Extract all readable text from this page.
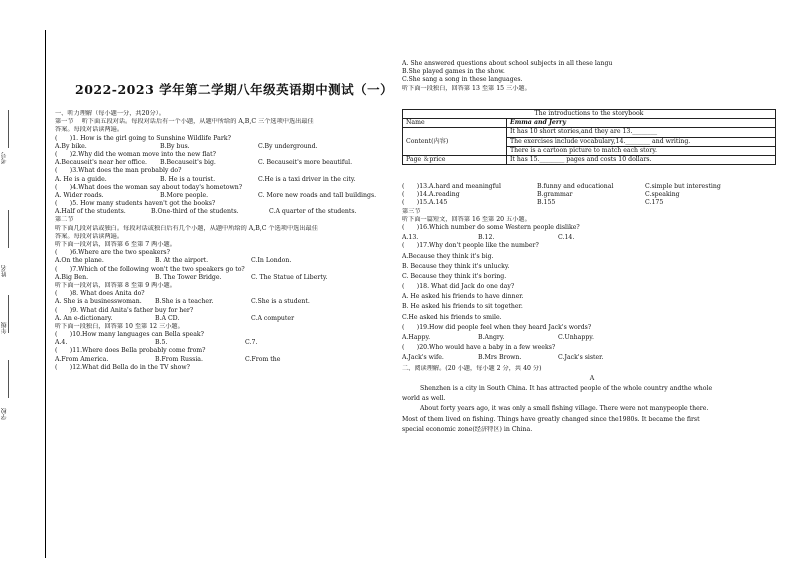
考号
姓名
年级
学校
2022-2023 学年第二学期八年级英语期中测试（一）
一、听力理解（每小题一分，共20分）。
第一节　 听下面五段对话。每段对话后有一个小题，从题中所给的 A,B,C 三个选项中选出最佳
答案。每段对话读两遍。
(　　)1. How is the girl going to Sunshine Wildlife Park?
A.By bike.	B.By bus.	C.By underground.
(　　)2.Why did the woman move into the new flat?
A.Becauseit's near her office.	B.Becauseit's big.	C. Becauseit's more beautiful.
(　　)3.What does the man probably do?
A. He is a guide.	B. He is a tourist.	C.He is a taxi driver in the city.
(　　)4.What does the woman say about today's hometown?
A. Wider roads.	B.More people.	C. More new roads and tall buildings.
(　　)5. How many students haven't got the books?
A.Half of the students.	B.One-third of the students.	C.A quarter of the students.
第二节
听下面几段对话或独白。每段对话或独白后有几个小题，从题中所给的 A,B,C 个选项中选出最佳
答案。每段对话读两遍。
听下面一段对话，回答第 6 至第 7 两小题。
(　　)6.Where are the two speakers?
A.On the plane.	B. At the airport.	C.In London.
(　　)7.Which of the following won't the two speakers go to?
A.Big Ben.	B. The Tower Bridge.	C. The Statue of Liberty.
听下面一段对话，回答第 8 至第 9 两小题。
(　　)8. What does Anita do?
A. She is a businesswoman.	B.She is a teacher.	C.She is a student.
(　　)9. What did Anita's father buy for her?
A. An e-dictionary.	B.A CD.	C.A computer
听下面一段独白，回答第 10 至第 12 三小题。
(　　)10.How many languages can Bella speak?
A.4.	B.5.	C.7.
(　　)11.Where does Bella probably come from?
A.From America.	B.From Russia.	C.From the
(　　)12.What did Bella do in the TV show?
A. She answered questions about school subjects in all these langu
B.She played games in the show.
C.She sang a song in these languages.
听下面一段独白，回答第 13 至第 15 三小题。
The introductions to the storybook	
Name	Emma and Jerry
Content(内容)	It has 10 short stories,and they are 13.________
	The exercises include vocabulary,14.________ and writing.
	There is a cartoon picture to match each story.
Page ＆price	It has 15.________ pages and costs 10 dollars.
(　　)13.A.hard and meaningful	B.funny and educational	C.simple but interesting
(　　)14.A.reading	B.grammar	C.speaking
(　　)15.A.145	B.155	C.175
第三节
听下面一篇短文，回答第 16 至第 20 五小题。
(　　)16.Which number do some Western people dislike?
A.13.	B.12.	C.14.
(　　)17.Why don't people like the number?
A.Because they think it's big.
B. Because they think it's unlucky.
C. Because they think it's boring.
(　　)18. What did Jack do one day?
A. He asked his friends to have dinner.
B. He asked his friends to sit together.
C.He asked his friends to smile.
(　　)19.How did people feel when they heard Jack's words?
A.Happy.	B.Angry.	C.Unhappy.
(　　)20.Who would have a baby in a few weeks?
A.Jack's wife.	B.Mrs Brown.	C.Jack's sister.
二、阅读理解。(20 小题，每小题 2 分，共 40 分)
A
Shenzhen is a city in South China. It has attracted people of the whole country andthe whole
world as well.
About forty years ago, it was only a small fishing village. There were not manypeople there.
Most of them lived on fishing. Things have greatly changed since the1980s. It became the first
special economic zone(经济特区) in China.
